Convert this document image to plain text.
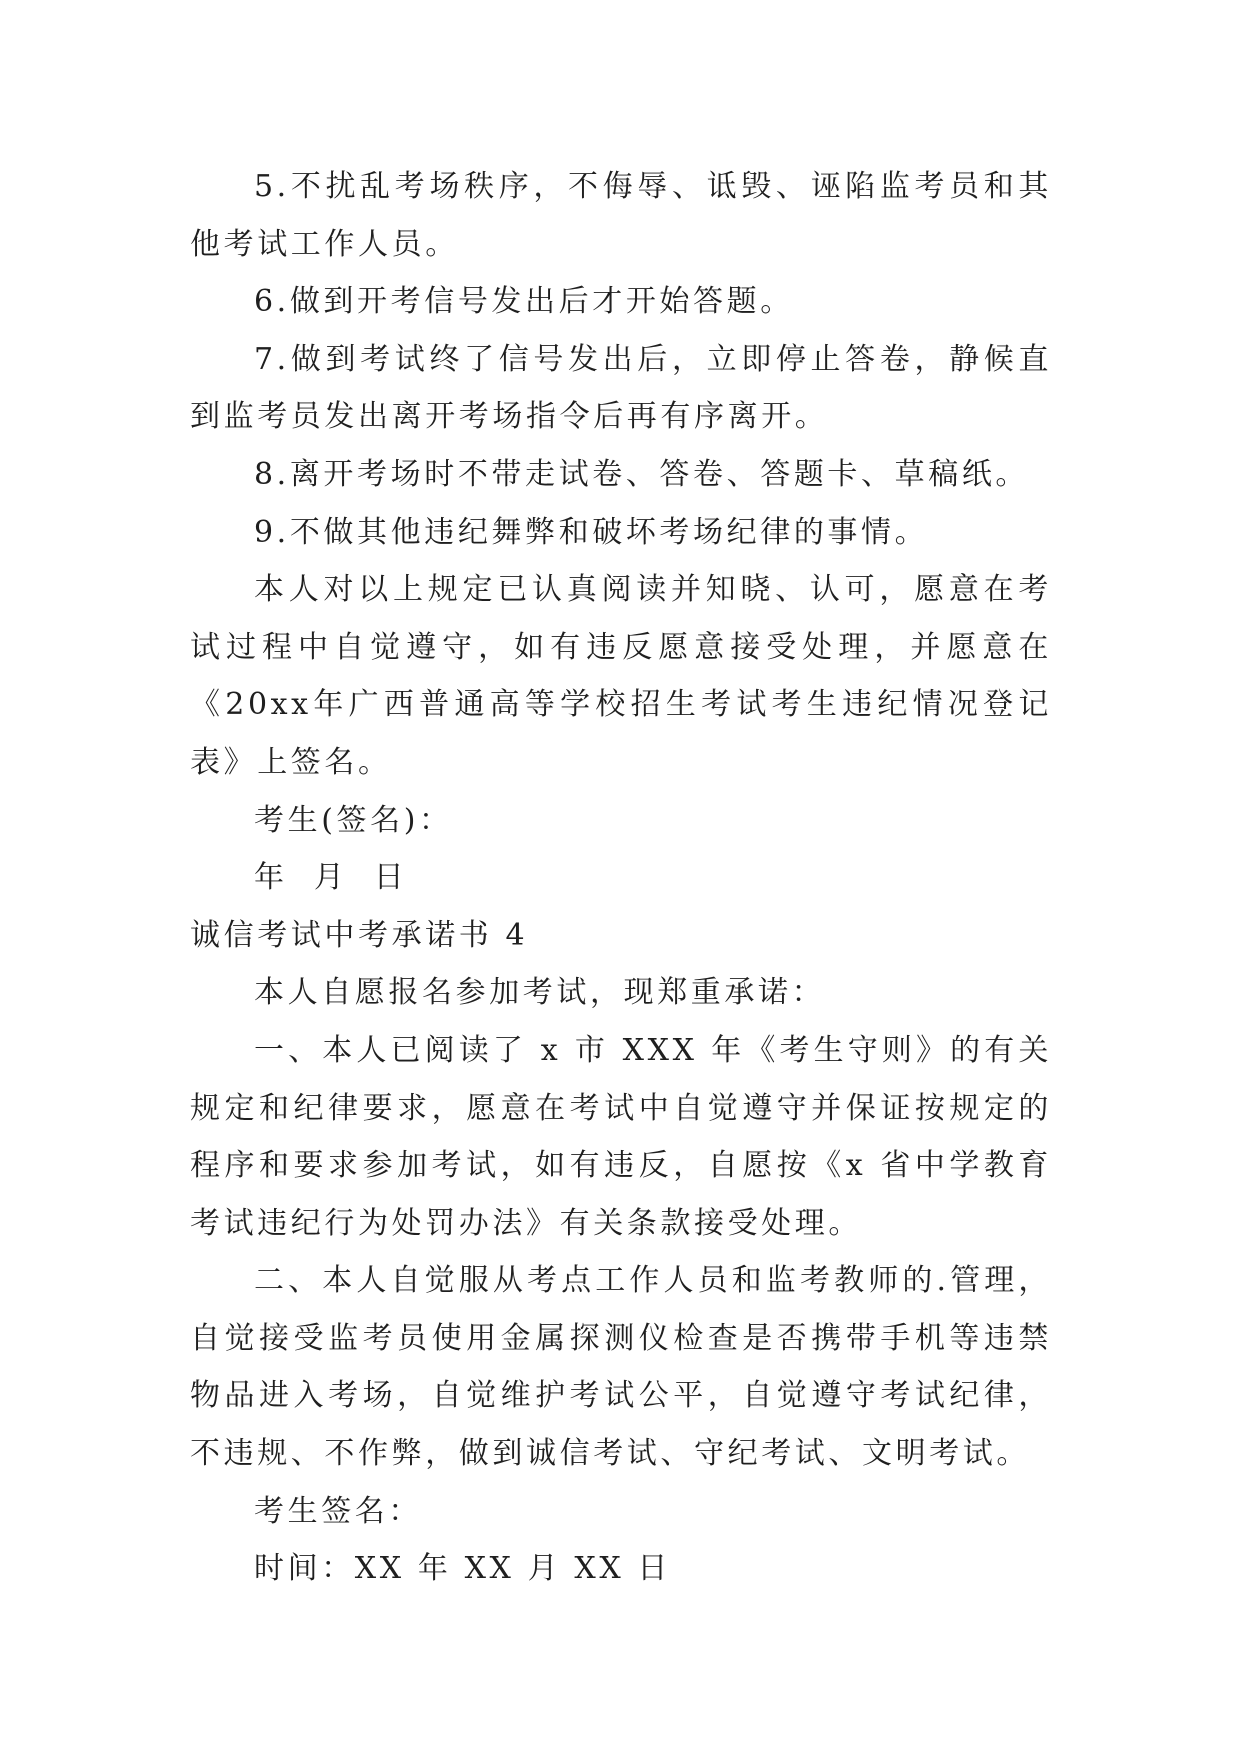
5.不扰乱考场秩序，不侮辱、诋毁、诬陷监考员和其他考试工作人员。

6.做到开考信号发出后才开始答题。

7.做到考试终了信号发出后，立即停止答卷，静候直到监考员发出离开考场指令后再有序离开。

8.离开考场时不带走试卷、答卷、答题卡、草稿纸。

9.不做其他违纪舞弊和破坏考场纪律的事情。

本人对以上规定已认真阅读并知晓、认可，愿意在考试过程中自觉遵守，如有违反愿意接受处理，并愿意在《20xx年广西普通高等学校招生考试考生违纪情况登记表》上签名。

考生(签名)：

年  月  日

诚信考试中考承诺书 4

本人自愿报名参加考试，现郑重承诺：

一、本人已阅读了 x 市 XXX 年《考生守则》的有关规定和纪律要求，愿意在考试中自觉遵守并保证按规定的程序和要求参加考试，如有违反，自愿按《x 省中学教育考试违纪行为处罚办法》有关条款接受处理。

二、本人自觉服从考点工作人员和监考教师的.管理，自觉接受监考员使用金属探测仪检查是否携带手机等违禁物品进入考场，自觉维护考试公平，自觉遵守考试纪律，不违规、不作弊，做到诚信考试、守纪考试、文明考试。

考生签名：

时间：XX 年 XX 月 XX 日
